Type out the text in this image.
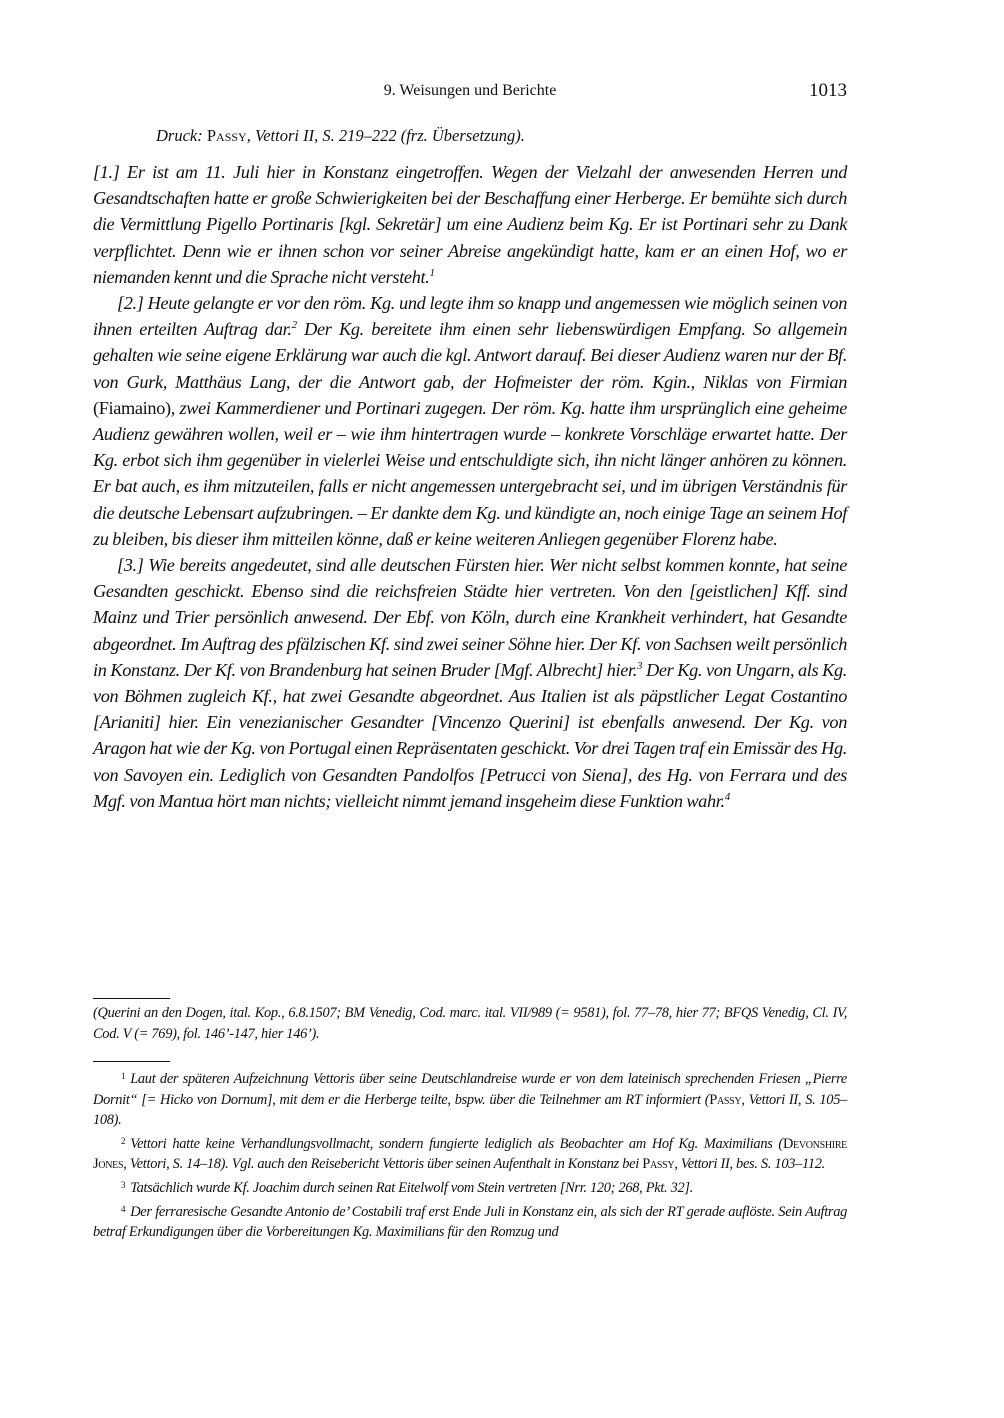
9. Weisungen und Berichte	1013
Druck: Passy, Vettori II, S. 219–222 (frz. Übersetzung).

[1.] Er ist am 11. Juli hier in Konstanz eingetroffen. Wegen der Vielzahl der anwesenden Herren und Gesandtschaften hatte er große Schwierigkeiten bei der Beschaffung einer Herberge. Er bemühte sich durch die Vermittlung Pigello Portinaris [kgl. Sekretär] um eine Audienz beim Kg. Er ist Portinari sehr zu Dank verpflichtet. Denn wie er ihnen schon vor seiner Abreise angekündigt hatte, kam er an einen Hof, wo er niemanden kennt und die Sprache nicht versteht.$^1$

[2.] Heute gelangte er vor den röm. Kg. und legte ihm so knapp und angemessen wie möglich seinen von ihnen erteilten Auftrag dar.$^2$ Der Kg. bereitete ihm einen sehr liebenswürdigen Empfang. So allgemein gehalten wie seine eigene Erklärung war auch die kgl. Antwort darauf. Bei dieser Audienz waren nur der Bf. von Gurk, Matthäus Lang, der die Antwort gab, der Hofmeister der röm. Kgin., Niklas von Firmian (Fiamaino), zwei Kammerdiener und Portinari zugegen. Der röm. Kg. hatte ihm ursprünglich eine geheime Audienz gewähren wollen, weil er – wie ihm hintertragen wurde – konkrete Vorschläge erwartet hatte. Der Kg. erbot sich ihm gegenüber in vielerlei Weise und entschuldigte sich, ihn nicht länger anhören zu können. Er bat auch, es ihm mitzuteilen, falls er nicht angemessen untergebracht sei, und im übrigen Verständnis für die deutsche Lebensart aufzubringen. – Er dankte dem Kg. und kündigte an, noch einige Tage an seinem Hof zu bleiben, bis dieser ihm mitteilen könne, daß er keine weiteren Anliegen gegenüber Florenz habe.

[3.] Wie bereits angedeutet, sind alle deutschen Fürsten hier. Wer nicht selbst kommen konnte, hat seine Gesandten geschickt. Ebenso sind die reichsfreien Städte hier vertreten. Von den [geistlichen] Kff. sind Mainz und Trier persönlich anwesend. Der Ebf. von Köln, durch eine Krankheit verhindert, hat Gesandte abgeordnet. Im Auftrag des pfälzischen Kf. sind zwei seiner Söhne hier. Der Kf. von Sachsen weilt persönlich in Konstanz. Der Kf. von Brandenburg hat seinen Bruder [Mgf. Albrecht] hier.$^3$ Der Kg. von Ungarn, als Kg. von Böhmen zugleich Kf., hat zwei Gesandte abgeordnet. Aus Italien ist als päpstlicher Legat Costantino [Arianiti] hier. Ein venezianischer Gesandter [Vincenzo Querini] ist ebenfalls anwesend. Der Kg. von Aragon hat wie der Kg. von Portugal einen Repräsentaten geschickt. Vor drei Tagen traf ein Emissär des Hg. von Savoyen ein. Lediglich von Gesandten Pandolfos [Petrucci von Siena], des Hg. von Ferrara und des Mgf. von Mantua hört man nichts; vielleicht nimmt jemand insgeheim diese Funktion wahr.$^4$

(Querini an den Dogen, ital. Kop., 6.8.1507; BM Venedig, Cod. marc. ital. VII/989 (= 9581), fol. 77–78, hier 77; BFQS Venedig, Cl. IV, Cod. V (= 769), fol. 146’-147, hier 146’).

$^1$ Laut der späteren Aufzeichnung Vettoris über seine Deutschlandreise wurde er von dem lateinisch sprechenden Friesen „Pierre Dornit“ [= Hicko von Dornum], mit dem er die Herberge teilte, bspw. über die Teilnehmer am RT informiert (Passy, Vettori II, S. 105–108).

$^2$ Vettori hatte keine Verhandlungsvollmacht, sondern fungierte lediglich als Beobachter am Hof Kg. Maximilians (Devonshire Jones, Vettori, S. 14–18). Vgl. auch den Reisebericht Vettoris über seinen Aufenthalt in Konstanz bei Passy, Vettori II, bes. S. 103–112.

$^3$ Tatsächlich wurde Kf. Joachim durch seinen Rat Eitelwolf vom Stein vertreten [Nrr. 120; 268, Pkt. 32].

$^4$ Der ferraresische Gesandte Antonio de’ Costabili traf erst Ende Juli in Konstanz ein, als sich der RT gerade auflöste. Sein Auftrag betraf Erkundigungen über die Vorbereitungen Kg. Maximilians für den Romzug und
